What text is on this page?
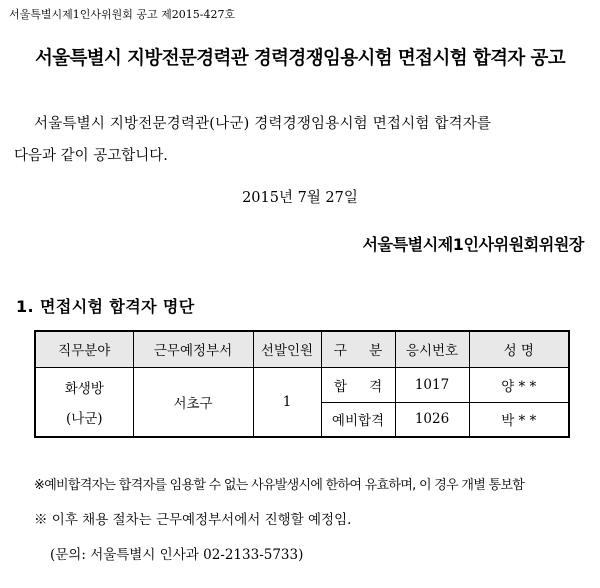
서울특별시제1인사위원회 공고 제2015-427호
서울특별시 지방전문경력관 경력경쟁임용시험 면접시험 합격자 공고
서울특별시 지방전문경력관(나군) 경력경쟁임용시험 면접시험 합격자를
다음과 같이 공고합니다.
2015년 7월 27일
서울특별시제1인사위원회위원장
1. 면접시험 합격자 명단
직무분야	근무예정부서	선발인원	구 분	응시번호	성 명

화생방
(나군)	서초구	1	합 격	1017	양 * *
			예비합격	1026	박 * *
※예비합격자는 합격자를 임용할 수 없는 사유발생시에 한하여 유효하며, 이 경우 개별 통보함
※ 이후 채용 절차는 근무예정부서에서 진행할 예정임.
(문의: 서울특별시 인사과 02-2133-5733)
